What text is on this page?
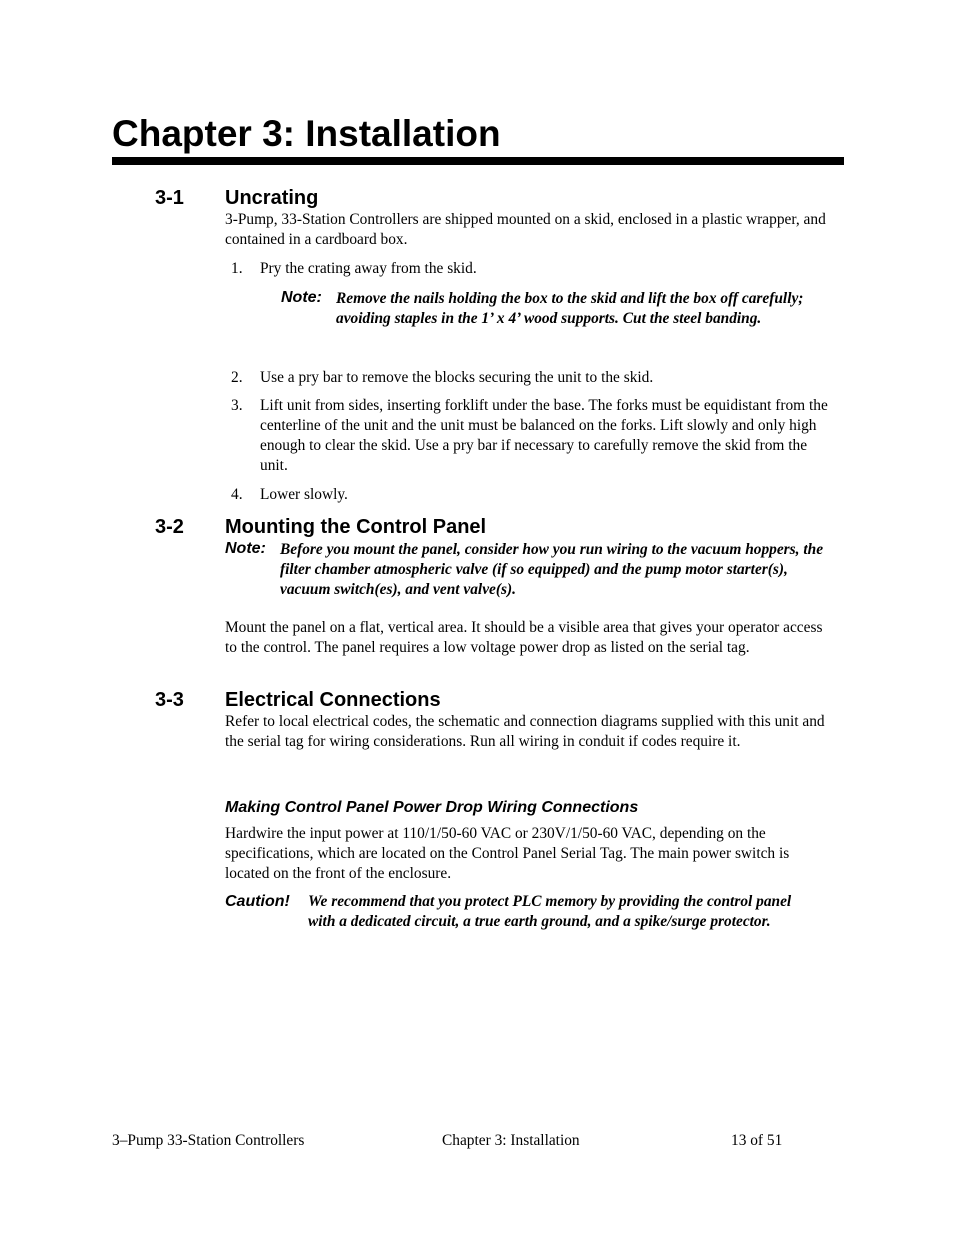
Chapter 3: Installation
3-1 Uncrating

3-Pump, 33-Station Controllers are shipped mounted on a skid, enclosed in a plastic wrapper, and contained in a cardboard box.

1. Pry the crating away from the skid.
Note: Remove the nails holding the box to the skid and lift the box off carefully; avoiding staples in the 1’ x 4’ wood supports. Cut the steel banding.
2. Use a pry bar to remove the blocks securing the unit to the skid.
3. Lift unit from sides, inserting forklift under the base. The forks must be equidistant from the centerline of the unit and the unit must be balanced on the forks. Lift slowly and only high enough to clear the skid. Use a pry bar if necessary to carefully remove the skid from the unit.
4. Lower slowly.
3-2 Mounting the Control Panel
Note: Before you mount the panel, consider how you run wiring to the vacuum hoppers, the filter chamber atmospheric valve (if so equipped) and the pump motor starter(s), vacuum switch(es), and vent valve(s).

Mount the panel on a flat, vertical area. It should be a visible area that gives your operator access to the control. The panel requires a low voltage power drop as listed on the serial tag.

3-3 Electrical Connections

Refer to local electrical codes, the schematic and connection diagrams supplied with this unit and the serial tag for wiring considerations. Run all wiring in conduit if codes require it.

Making Control Panel Power Drop Wiring Connections

Hardwire the input power at 110/1/50-60 VAC or 230V/1/50-60 VAC, depending on the specifications, which are located on the Control Panel Serial Tag. The main power switch is located on the front of the enclosure.

Caution! We recommend that you protect PLC memory by providing the control panel with a dedicated circuit, a true earth ground, and a spike/surge protector.
3–Pump 33-Station Controllers	Chapter 3: Installation	13 of 51
